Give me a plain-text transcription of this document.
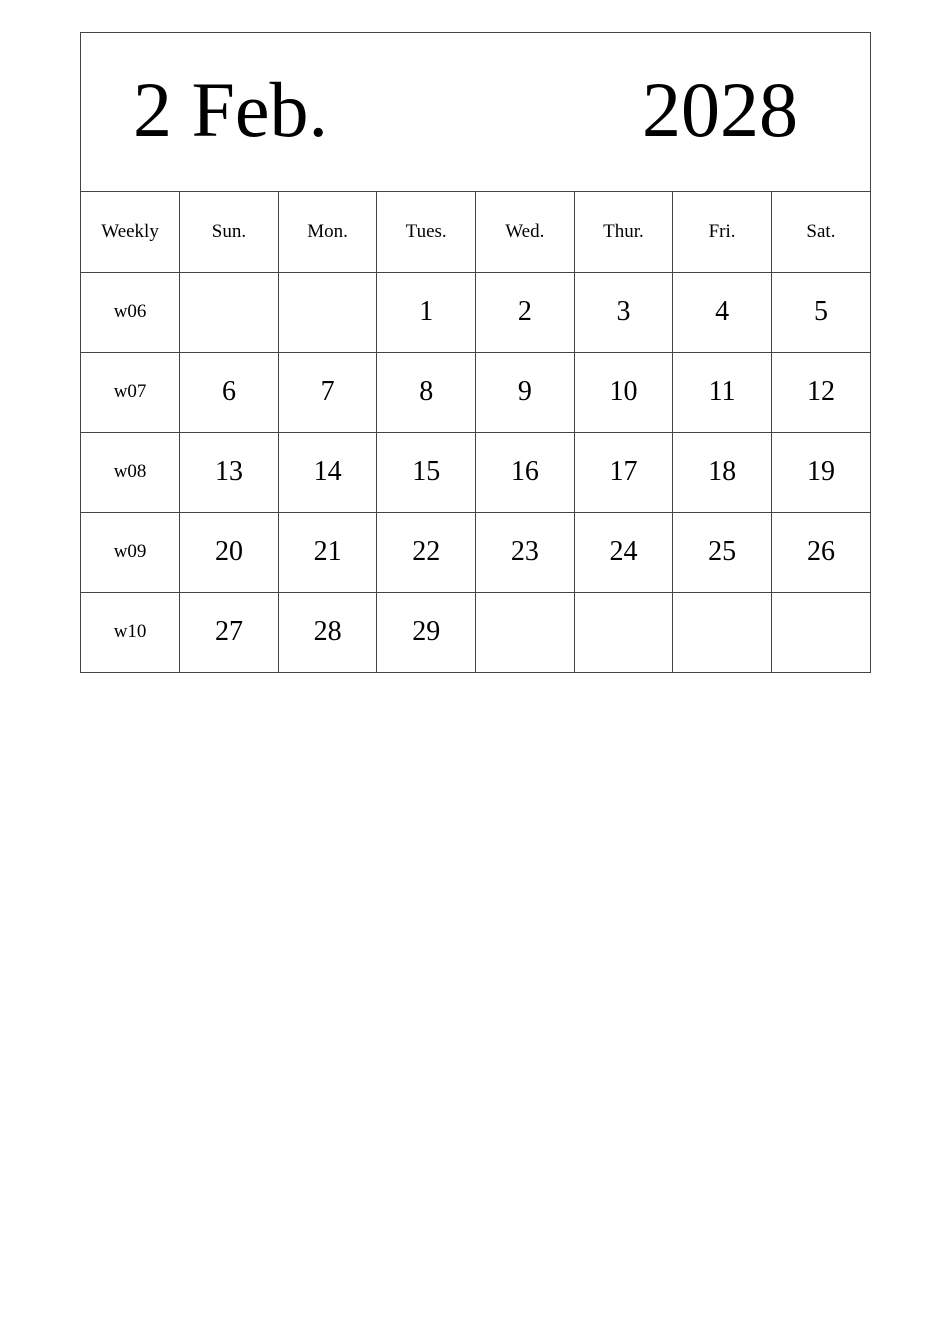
2 Feb.	2028
Weekly	Sun.	Mon.	Tues.	Wed.	Thur.	Fri.	Sat.
w06			1	2	3	4	5
w07	6	7	8	9	10	11	12
w08	13	14	15	16	17	18	19
w09	20	21	22	23	24	25	26
w10	27	28	29				
